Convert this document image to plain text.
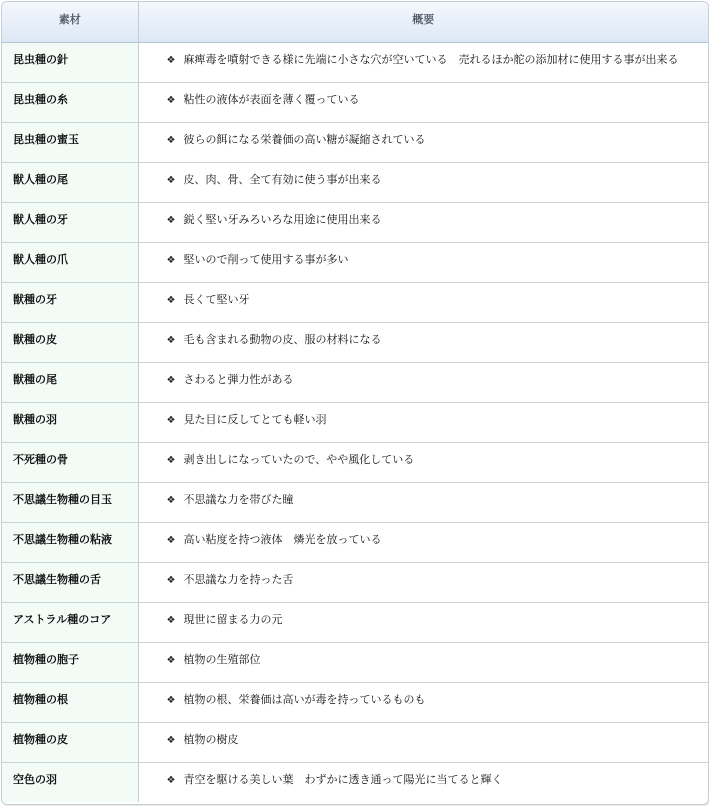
素材	概要
昆虫種の針	❖ 麻痺毒を噴射できる様に先端に小さな穴が空いている　売れるほか舵の添加材に使用する事が出来る
昆虫種の糸	❖ 粘性の液体が表面を薄く覆っている
昆虫種の蜜玉	❖ 彼らの餌になる栄養価の高い糖が凝縮されている
獣人種の尾	❖ 皮、肉、骨、全て有効に使う事が出来る
獣人種の牙	❖ 鋭く堅い牙みろいろな用途に使用出来る
獣人種の爪	❖ 堅いので削って使用する事が多い
獣種の牙	❖ 長くて堅い牙
獣種の皮	❖ 毛も含まれる動物の皮、服の材料になる
獣種の尾	❖ さわると弾力性がある
獣種の羽	❖ 見た目に反してとても軽い羽
不死種の骨	❖ 剥き出しになっていたので、やや風化している
不思議生物種の目玉	❖ 不思議な力を帯びた瞳
不思議生物種の粘液	❖ 高い粘度を持つ液体　燐光を放っている
不思議生物種の舌	❖ 不思議な力を持った舌
アストラル種のコア	❖ 現世に留まる力の元
植物種の胞子	❖ 植物の生殖部位
植物種の根	❖ 植物の根、栄養価は高いが毒を持っているものも
植物種の皮	❖ 植物の樹皮
空色の羽	❖ 青空を駆ける美しい葉　わずかに透き通って陽光に当てると輝く
